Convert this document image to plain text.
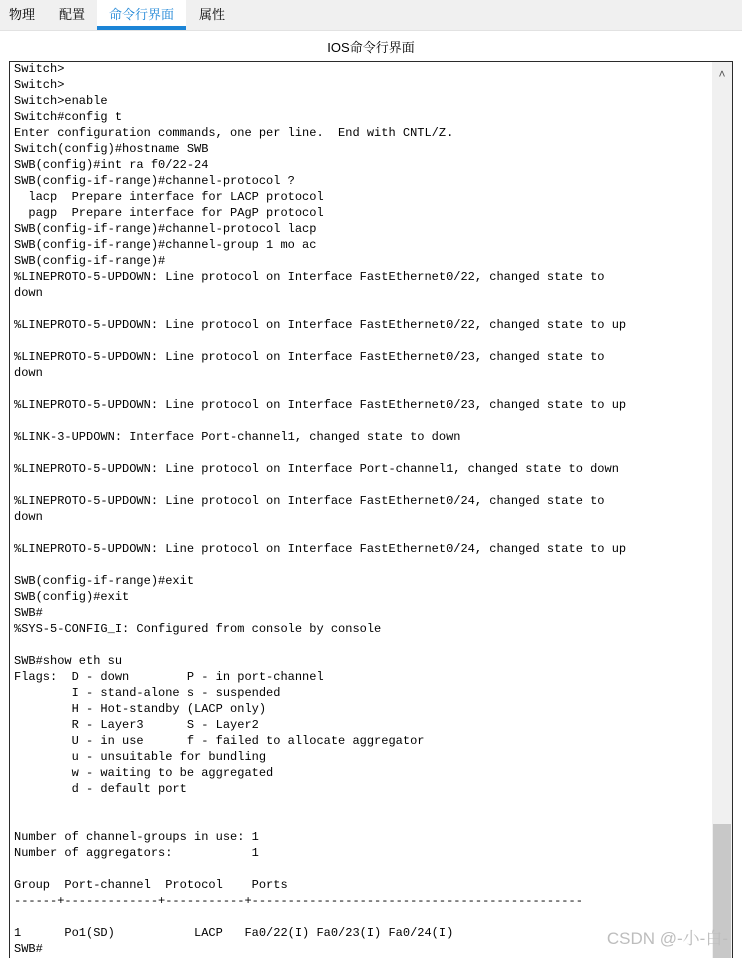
物理	配置	命令行界面	属性
IOS命令行界面
Switch>
Switch>
Switch>enable
Switch#config t
Enter configuration commands, one per line.  End with CNTL/Z.
Switch(config)#hostname SWB
SWB(config)#int ra f0/22-24
SWB(config-if-range)#channel-protocol ?
lacp  Prepare interface for LACP protocol
pagp  Prepare interface for PAgP protocol
SWB(config-if-range)#channel-protocol lacp
SWB(config-if-range)#channel-group 1 mo ac
SWB(config-if-range)#
%LINEPROTO-5-UPDOWN: Line protocol on Interface FastEthernet0/22, changed state to
down

%LINEPROTO-5-UPDOWN: Line protocol on Interface FastEthernet0/22, changed state to up

%LINEPROTO-5-UPDOWN: Line protocol on Interface FastEthernet0/23, changed state to
down

%LINEPROTO-5-UPDOWN: Line protocol on Interface FastEthernet0/23, changed state to up

%LINK-3-UPDOWN: Interface Port-channel1, changed state to down

%LINEPROTO-5-UPDOWN: Line protocol on Interface Port-channel1, changed state to down

%LINEPROTO-5-UPDOWN: Line protocol on Interface FastEthernet0/24, changed state to
down

%LINEPROTO-5-UPDOWN: Line protocol on Interface FastEthernet0/24, changed state to up

SWB(config-if-range)#exit
SWB(config)#exit
SWB#
%SYS-5-CONFIG_I: Configured from console by console

SWB#show eth su
Flags:  D - down        P - in port-channel
I - stand-alone s - suspended
H - Hot-standby (LACP only)
R - Layer3      S - Layer2
U - in use      f - failed to allocate aggregator
u - unsuitable for bundling
w - waiting to be aggregated
d - default port

Number of channel-groups in use: 1
Number of aggregators:           1

Group  Port-channel  Protocol    Ports
------+-------------+-----------+----------------------------------------------

1      Po1(SD)           LACP   Fa0/22(I) Fa0/23(I) Fa0/24(I)
SWB#
˄
CSDN @-小-白-
